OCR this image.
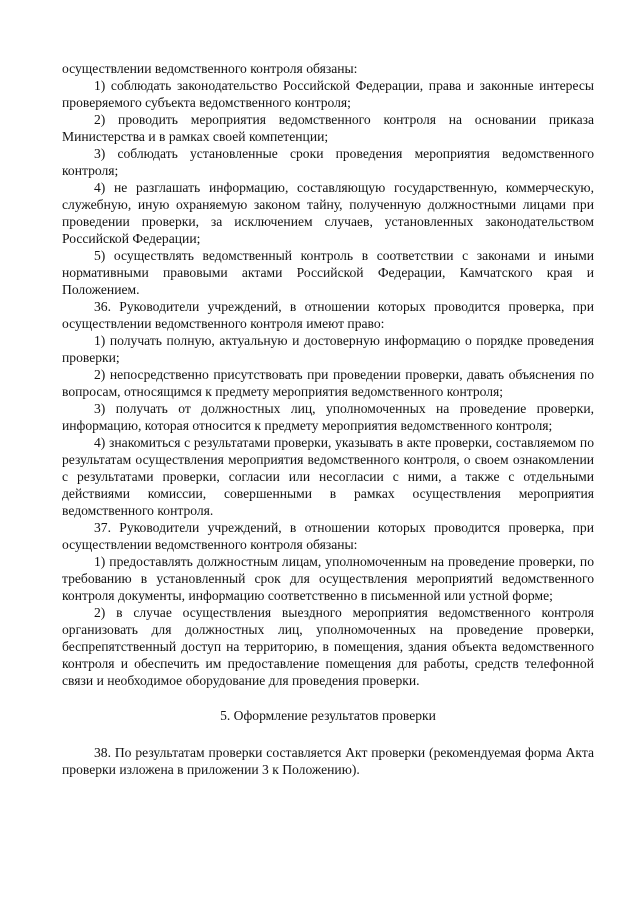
осуществлении ведомственного контроля обязаны:

1) соблюдать законодательство Российской Федерации, права и законные интересы проверяемого субъекта ведомственного контроля;

2) проводить мероприятия ведомственного контроля на основании приказа Министерства и в рамках своей компетенции;

3) соблюдать установленные сроки проведения мероприятия ведомственного контроля;

4) не разглашать информацию, составляющую государственную, коммерческую, служебную, иную охраняемую законом тайну, полученную должностными лицами при проведении проверки, за исключением случаев, установленных законодательством Российской Федерации;

5) осуществлять ведомственный контроль в соответствии с законами и иными нормативными правовыми актами Российской Федерации, Камчатского края и Положением.

36. Руководители учреждений, в отношении которых проводится проверка, при осуществлении ведомственного контроля имеют право:

1) получать полную, актуальную и достоверную информацию о порядке проведения проверки;

2) непосредственно присутствовать при проведении проверки, давать объяснения по вопросам, относящимся к предмету мероприятия ведомственного контроля;

3) получать от должностных лиц, уполномоченных на проведение проверки, информацию, которая относится к предмету мероприятия ведомственного контроля;

4) знакомиться с результатами проверки, указывать в акте проверки, составляемом по результатам осуществления мероприятия ведомственного контроля, о своем ознакомлении с результатами проверки, согласии или несогласии с ними, а также с отдельными действиями комиссии, совершенными в рамках осуществления мероприятия ведомственного контроля.

37. Руководители учреждений, в отношении которых проводится проверка, при осуществлении ведомственного контроля обязаны:

1) предоставлять должностным лицам, уполномоченным на проведение проверки, по требованию в установленный срок для осуществления мероприятий ведомственного контроля документы, информацию соответственно в письменной или устной форме;

2) в случае осуществления выездного мероприятия ведомственного контроля организовать для должностных лиц, уполномоченных на проведение проверки, беспрепятственный доступ на территорию, в помещения, здания объекта ведомственного контроля и обеспечить им предоставление помещения для работы, средств телефонной связи и необходимое оборудование для проведения проверки.

5. Оформление результатов проверки

38. По результатам проверки составляется Акт проверки (рекомендуемая форма Акта проверки изложена в приложении 3 к Положению).
